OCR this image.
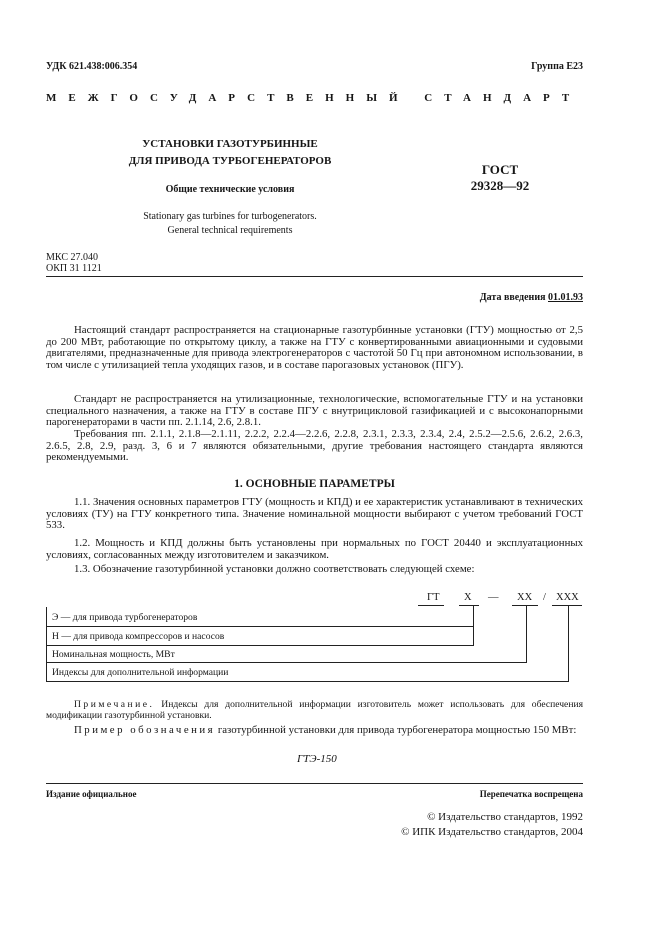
УДК 621.438:006.354	Группа Е23
МЕЖГОСУДАРСТВЕННЫЙ СТАНДАРТ
УСТАНОВКИ ГАЗОТУРБИННЫЕ
ДЛЯ ПРИВОДА ТУРБОГЕНЕРАТОРОВ
Общие технические условия
Stationary gas turbines for turbogenerators.
General technical requirements
ГОСТ
29328—92
МКС 27.040
ОКП 31 1121
Дата введения 01.01.93

Настоящий стандарт распространяется на стационарные газотурбинные установки (ГТУ) мощностью от 2,5 до 200 МВт, работающие по открытому циклу, а также на ГТУ с конвертированными авиационными и судовыми двигателями, предназначенные для привода электрогенераторов с частотой 50 Гц при автономном использовании, в том числе с утилизацией тепла уходящих газов, и в составе парогазовых установок (ПГУ).

Стандарт не распространяется на утилизационные, технологические, вспомогательные ГТУ и на установки специального назначения, а также на ГТУ в составе ПГУ с внутрицикловой газификацией и с высоконапорными парогенераторами в части пп. 2.1.14, 2.6, 2.8.1.

Требования пп. 2.1.1, 2.1.8—2.1.11, 2.2.2, 2.2.4—2.2.6, 2.2.8, 2.3.1, 2.3.3, 2.3.4, 2.4, 2.5.2—2.5.6, 2.6.2, 2.6.3, 2.6.5, 2.8, 2.9, разд. 3, 6 и 7 являются обязательными, другие требования настоящего стандарта являются рекомендуемыми.

1. ОСНОВНЫЕ ПАРАМЕТРЫ

1.1. Значения основных параметров ГТУ (мощность и КПД) и ее характеристик устанавливают в технических условиях (ТУ) на ГТУ конкретного типа. Значение номинальной мощности выбирают с учетом требований ГОСТ 533.

1.2. Мощность и КПД должны быть установлены при нормальных по ГОСТ 20440 и эксплуатационных условиях, согласованных между изготовителем и заказчиком.

1.3. Обозначение газотурбинной установки должно соответствовать следующей схеме:

ГТ Х — ХХ / ХХХ
Э — для привода турбогенераторов
Н — для привода компрессоров и насосов
Номинальная мощность, МВт
Индексы для дополнительной информации

Примечание. Индексы для дополнительной информации изготовитель может использовать для обеспечения модификации газотурбинной установки.

Пример обозначения газотурбинной установки для привода турбогенератора мощностью 150 МВт:

ГТЭ-150
Издание официальное	Перепечатка воспрещена
© Издательство стандартов, 1992
© ИПК Издательство стандартов, 2004
